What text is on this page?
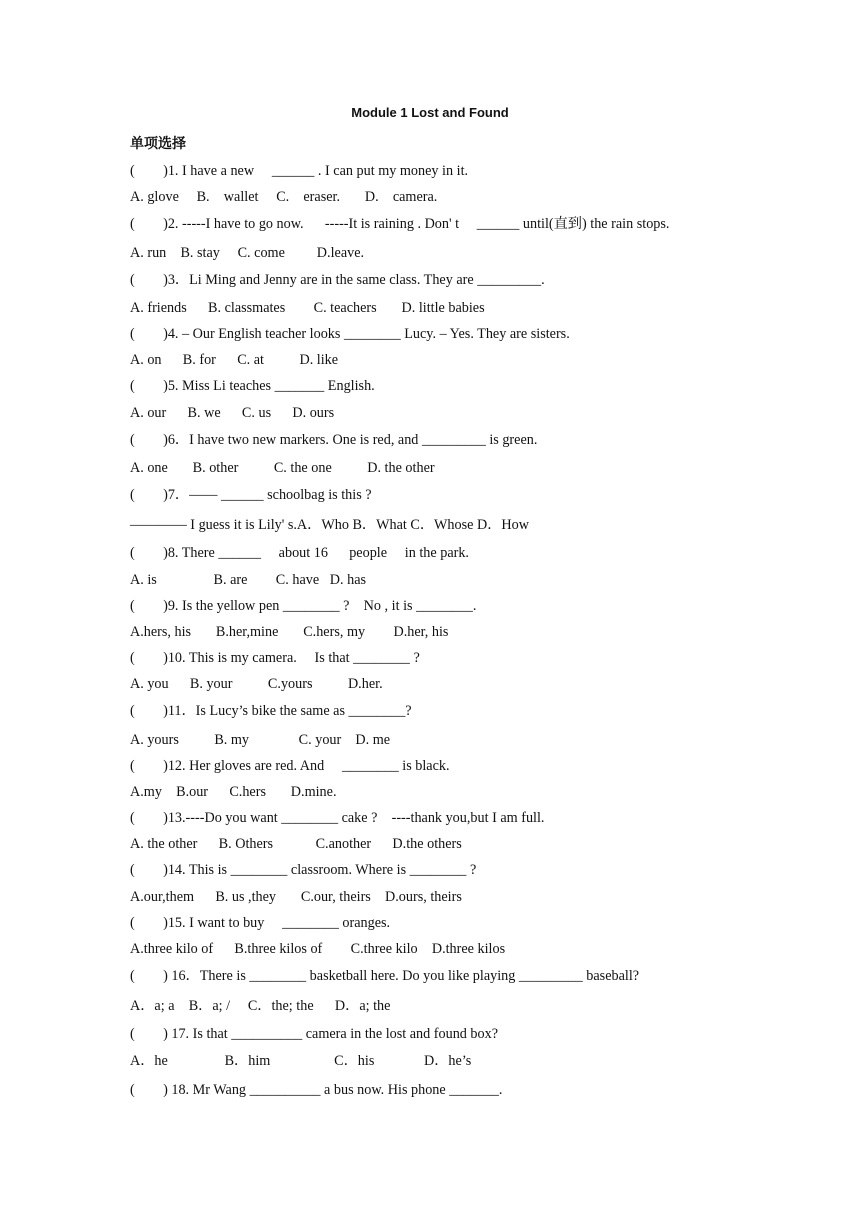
Module 1 Lost and Found
单项选择
(        )1. I have a new     ______ . I can put my money in it.
A. glove     B.    wallet     C.    eraser.       D.    camera.
(        )2. -----I have to go now.      -----It is raining . Don' t     ______ until(直到) the rain stops.
A. run    B. stay     C. come         D.leave.
(        )3．Li Ming and Jenny are in the same class. They are _________.
A. friends      B. classmates        C. teachers       D. little babies
(        )4. – Our English teacher looks ________ Lucy. – Yes. They are sisters.
A. on      B. for      C. at          D. like
(        )5. Miss Li teaches _______ English.
A. our      B. we      C. us      D. ours
(        )6．I have two new markers. One is red, and _________ is green.
A. one       B. other          C. the one          D. the other
(        )7．—— ______ schoolbag is this ?
———— I guess it is Lily' s.A．Who B．What C．Whose D．How
(        )8. There ______     about 16      people     in the park.
A. is                B. are        C. have   D. has
(        )9. Is the yellow pen ________ ?    No , it is ________.
A.hers, his       B.her,mine       C.hers, my        D.her, his
(        )10. This is my camera.     Is that ________ ?
A. you      B. your          C.yours          D.her.
(        )11．Is Lucy’s bike the same as ________?
A. yours          B. my              C. your    D. me
(        )12. Her gloves are red. And     ________ is black.
A.my    B.our      C.hers       D.mine.
(        )13.----Do you want ________ cake ?    ----thank you,but I am full.
A. the other      B. Others            C.another      D.the others
(        )14. This is ________ classroom. Where is ________ ?
A.our,them      B. us ,they       C.our, theirs    D.ours, theirs
(        )15. I want to buy     ________ oranges.
A.three kilo of      B.three kilos of        C.three kilo    D.three kilos
(        ) 16．There is ________ basketball here. Do you like playing _________ baseball?
A．a; a    B．a; /     C．the; the      D．a; the
(        ) 17. Is that __________ camera in the lost and found box?
A．he                B．him                  C．his              D．he’s
(        ) 18. Mr Wang __________ a bus now. His phone _______.
